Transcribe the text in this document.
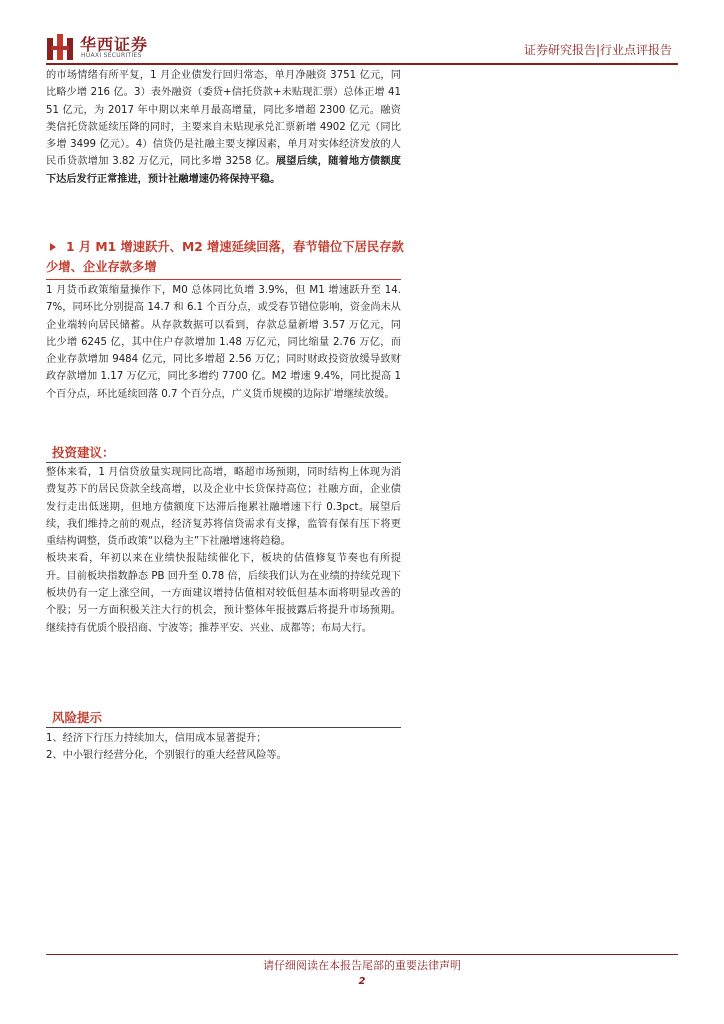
华西证券
HUAXI SECURITIES	证券研究报告|行业点评报告

的市场情绪有所平复，1 月企业债发行回归常态，单月净融资 3751 亿元，同比略少增 216 亿。3）表外融资（委贷+信托贷款+未贴现汇票）总体正增 4151 亿元，为 2017 年中期以来单月最高增量，同比多增超 2300 亿元。融资类信托贷款延续压降的同时，主要来自未贴现承兑汇票新增 4902 亿元（同比多增 3499 亿元）。4）信贷仍是社融主要支撑因素，单月对实体经济发放的人民币贷款增加 3.82 万亿元，同比多增 3258 亿。展望后续，随着地方债额度下达后发行正常推进，预计社融增速仍将保持平稳。

1 月 M1 增速跃升、M2 增速延续回落，春节错位下居民存款少增、企业存款多增

1 月货币政策缩量操作下，M0 总体同比负增 3.9%，但 M1 增速跃升至 14.7%，同环比分别提高 14.7 和 6.1 个百分点，或受春节错位影响，资金尚未从企业端转向居民储蓄。从存款数据可以看到，存款总量新增 3.57 万亿元，同比少增 6245 亿，其中住户存款增加 1.48 万亿元，同比缩量 2.76 万亿，而企业存款增加 9484 亿元，同比多增超 2.56 万亿；同时财政投资放缓导致财政存款增加 1.17 万亿元，同比多增约 7700 亿。M2 增速 9.4%，同比提高 1 个百分点，环比延续回落 0.7 个百分点，广义货币规模的边际扩增继续放缓。

投资建议：

整体来看，1 月信贷放量实现同比高增，略超市场预期，同时结构上体现为消费复苏下的居民贷款全线高增，以及企业中长贷保持高位；社融方面，企业债发行走出低迷期，但地方债额度下达滞后拖累社融增速下行 0.3pct。展望后续，我们维持之前的观点，经济复苏将信贷需求有支撑，监管有保有压下将更重结构调整，货币政策“以稳为主”下社融增速将趋稳。

板块来看，年初以来在业绩快报陆续催化下，板块的估值修复节奏也有所提升。目前板块指数静态 PB 回升至 0.78 倍，后续我们认为在业绩的持续兑现下板块仍有一定上涨空间，一方面建议增持估值相对较低但基本面将明显改善的个股；另一方面积极关注大行的机会，预计整体年报披露后将提升市场预期。继续持有优质个股招商、宁波等；推荐平安、兴业、成都等；布局大行。

风险提示

1、经济下行压力持续加大，信用成本显著提升；

2、中小银行经营分化，个别银行的重大经营风险等。

请仔细阅读在本报告尾部的重要法律声明
2
